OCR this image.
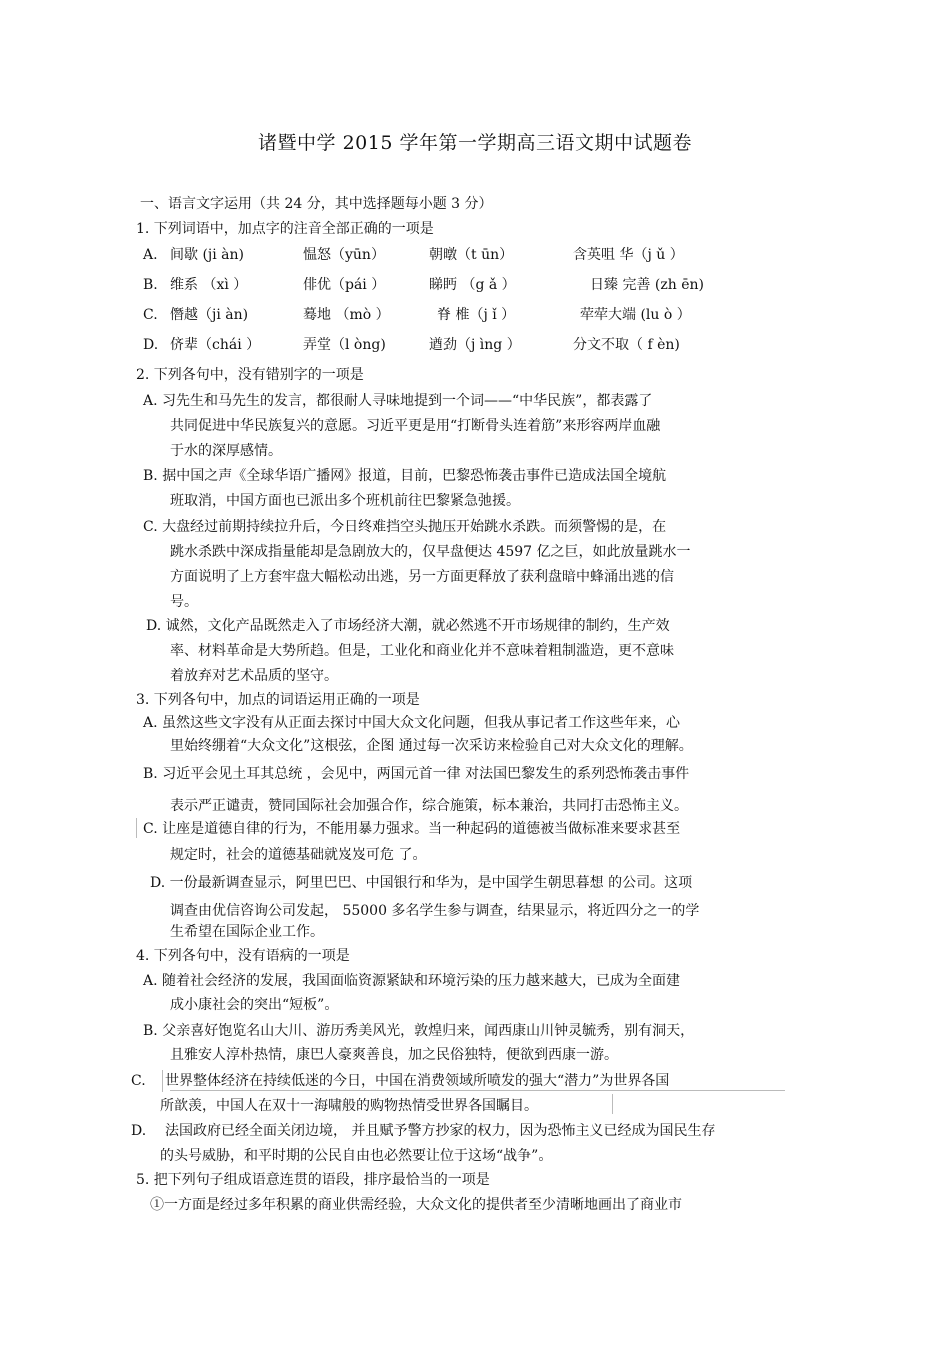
诸暨中学 2015 学年第一学期高三语文期中试题卷
一、语言文字运用（共 24 分，其中选择题每小题 3 分）
1. 下列词语中，加点字的注音全部正确的一项是
A. 间歇 (ji àn)	愠怒（yūn）	朝暾（t ūn）	含英咀 华（j ǔ ）
B. 维系 （xì ）	俳优（pái ）	睇眄 （g ǎ ）	日臻 完善 (zh ēn)
C. 僭越（ji àn)	蓦地 （mò ）	脊 椎（j ǐ ）	荦荦大端 (lu ò ）
D. 侪辈（chái ）	弄堂（l òng)	遒劲（j ìng ）	分文不取（ f èn)
2. 下列各句中，没有错别字的一项是
A. 习先生和马先生的发言，都很耐人寻味地提到一个词——“中华民族”，都表露了
共同促进中华民族复兴的意愿。习近平更是用“打断骨头连着筋”来形容两岸血融
于水的深厚感情。
B. 据中国之声《全球华语广播网》报道，目前，巴黎恐怖袭击事件已造成法国全境航
班取消，中国方面也已派出多个班机前往巴黎紧急弛援。
C. 大盘经过前期持续拉升后，今日终难挡空头抛压开始跳水杀跌。而须警惕的是，在
跳水杀跌中深成指量能却是急剧放大的，仅早盘便达 4597 亿之巨，如此放量跳水一
方面说明了上方套牢盘大幅松动出逃，另一方面更释放了获利盘暗中蜂涌出逃的信
号。
D. 诚然，文化产品既然走入了市场经济大潮，就必然逃不开市场规律的制约，生产效
率、材料革命是大势所趋。但是，工业化和商业化并不意味着粗制滥造，更不意味
着放弃对艺术品质的坚守。
3. 下列各句中，加点的词语运用正确的一项是
A. 虽然这些文字没有从正面去探讨中国大众文化问题，但我从事记者工作这些年来，心
里始终绷着“大众文化”这根弦，企图 通过每一次采访来检验自己对大众文化的理解。
B. 习近平会见土耳其总统 ，会见中，两国元首一律 对法国巴黎发生的系列恐怖袭击事件
表示严正谴责，赞同国际社会加强合作，综合施策，标本兼治，共同打击恐怖主义。
C. 让座是道德自律的行为，不能用暴力强求。当一种起码的道德被当做标准来要求甚至
规定时，社会的道德基础就岌岌可危 了。
D. 一份最新调查显示，阿里巴巴、中国银行和华为，是中国学生朝思暮想 的公司。这项
调查由优信咨询公司发起， 55000 多名学生参与调查，结果显示，将近四分之一的学
生希望在国际企业工作。
4. 下列各句中，没有语病的一项是
A. 随着社会经济的发展，我国面临资源紧缺和环境污染的压力越来越大，已成为全面建
成小康社会的突出“短板”。
B. 父亲喜好饱览名山大川、游历秀美风光，敦煌归来，闻西康山川钟灵毓秀，别有洞天，
且雅安人淳朴热情，康巴人豪爽善良，加之民俗独特，便欲到西康一游。
C. 世界整体经济在持续低迷的今日，中国在消费领域所喷发的强大“潜力”为世界各国
所歆羡，中国人在双十一海啸般的购物热情受世界各国瞩目。
D. 法国政府已经全面关闭边境， 并且赋予警方抄家的权力，因为恐怖主义已经成为国民生存
的头号威胁，和平时期的公民自由也必然要让位于这场“战争”。
5. 把下列句子组成语意连贯的语段，排序最恰当的一项是
①一方面是经过多年积累的商业供需经验，大众文化的提供者至少清晰地画出了商业市
